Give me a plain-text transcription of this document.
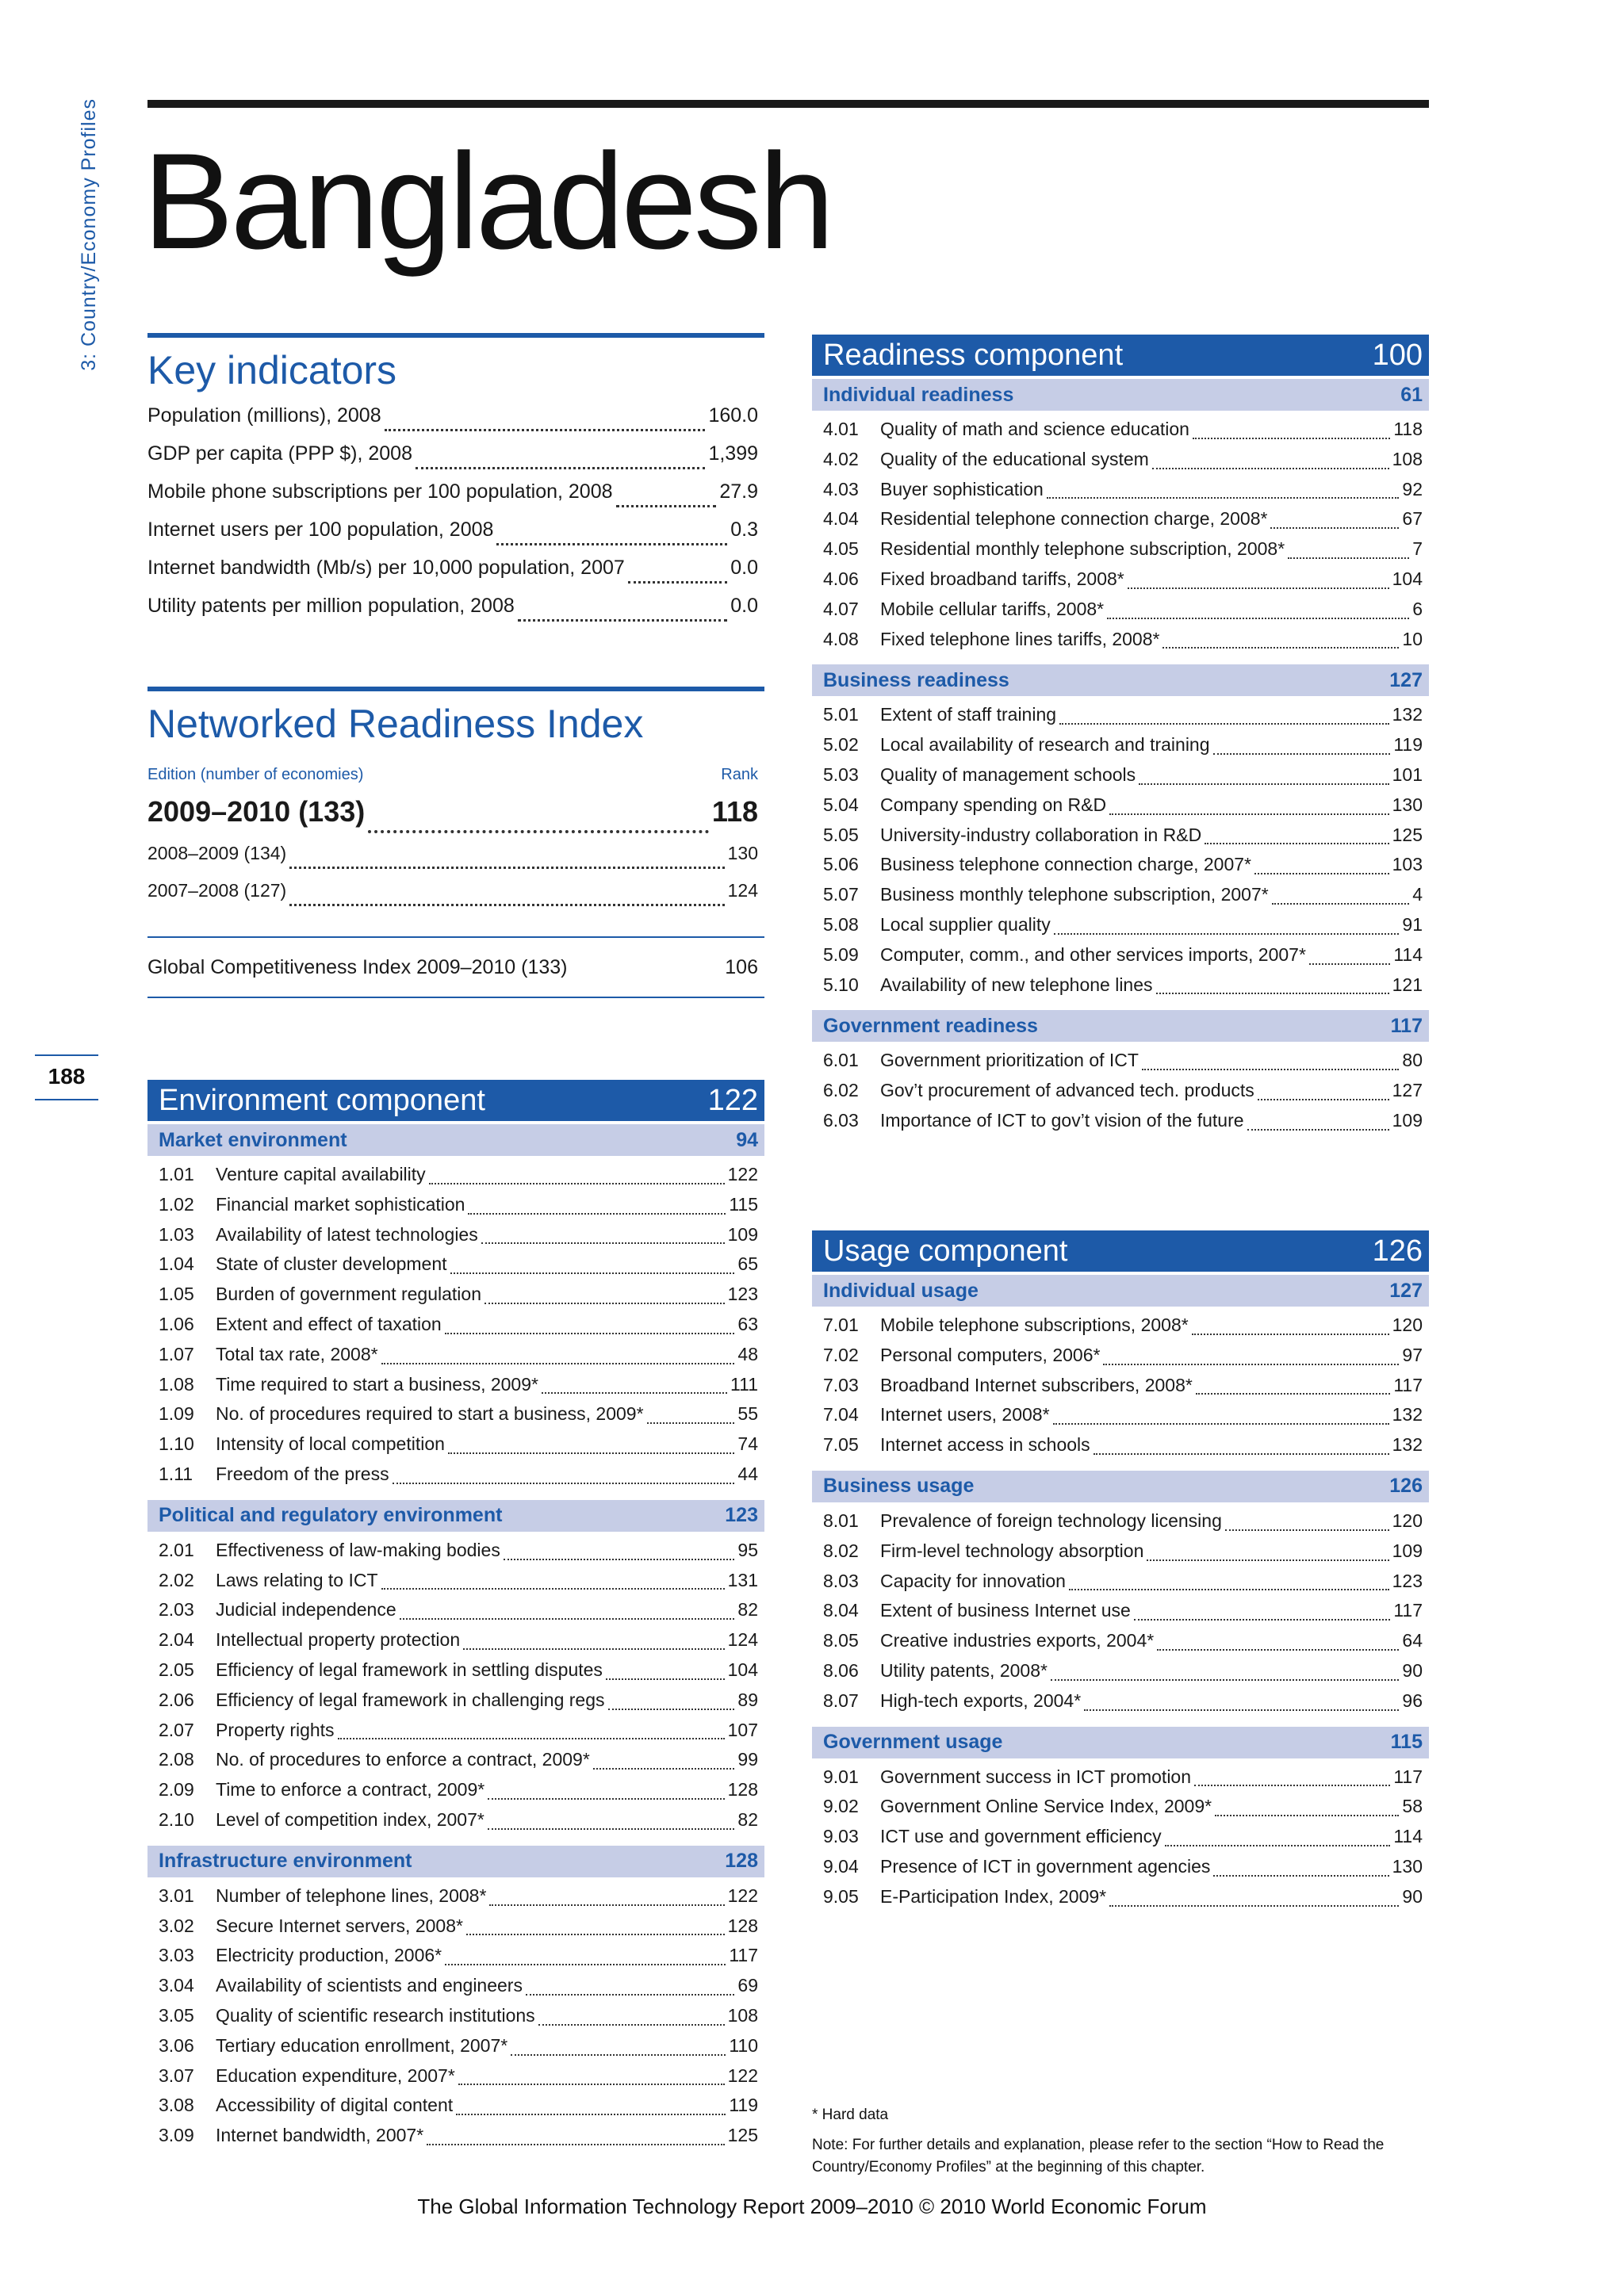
3: Country/Economy Profiles Bangladesh
188
Key indicators
Population (millions), 2008	160.0
GDP per capita (PPP $), 2008	1,399
Mobile phone subscriptions per 100 population, 2008	27.9
Internet users per 100 population, 2008	0.3
Internet bandwidth (Mb/s) per 10,000 population, 2007	0.0
Utility patents per million population, 2008	0.0
Networked Readiness Index
Edition (number of economies)	Rank
2009–2010 (133)	118
2008–2009 (134)	130
2007–2008 (127)	124
Global Competitiveness Index 2009–2010 (133)	106
Environment component	122
Market environment	94
1.01	Venture capital availability	122
1.02	Financial market sophistication	115
1.03	Availability of latest technologies	109
1.04	State of cluster development	65
1.05	Burden of government regulation	123
1.06	Extent and effect of taxation	63
1.07	Total tax rate, 2008*	48
1.08	Time required to start a business, 2009*	111
1.09	No. of procedures required to start a business, 2009*	55
1.10	Intensity of local competition	74
1.11	Freedom of the press	44
Political and regulatory environment	123
2.01	Effectiveness of law-making bodies	95
2.02	Laws relating to ICT	131
2.03	Judicial independence	82
2.04	Intellectual property protection	124
2.05	Efficiency of legal framework in settling disputes	104
2.06	Efficiency of legal framework in challenging regs	89
2.07	Property rights	107
2.08	No. of procedures to enforce a contract, 2009*	99
2.09	Time to enforce a contract, 2009*	128
2.10	Level of competition index, 2007*	82
Infrastructure environment	128
3.01	Number of telephone lines, 2008*	122
3.02	Secure Internet servers, 2008*	128
3.03	Electricity production, 2006*	117
3.04	Availability of scientists and engineers	69
3.05	Quality of scientific research institutions	108
3.06	Tertiary education enrollment, 2007*	110
3.07	Education expenditure, 2007*	122
3.08	Accessibility of digital content	119
3.09	Internet bandwidth, 2007*	125
Readiness component	100
Individual readiness	61
4.01	Quality of math and science education	118
4.02	Quality of the educational system	108
4.03	Buyer sophistication	92
4.04	Residential telephone connection charge, 2008*	67
4.05	Residential monthly telephone subscription, 2008*	7
4.06	Fixed broadband tariffs, 2008*	104
4.07	Mobile cellular tariffs, 2008*	6
4.08	Fixed telephone lines tariffs, 2008*	10
Business readiness	127
5.01	Extent of staff training	132
5.02	Local availability of research and training	119
5.03	Quality of management schools	101
5.04	Company spending on R&D	130
5.05	University-industry collaboration in R&D	125
5.06	Business telephone connection charge, 2007*	103
5.07	Business monthly telephone subscription, 2007*	4
5.08	Local supplier quality	91
5.09	Computer, comm., and other services imports, 2007*	114
5.10	Availability of new telephone lines	121
Government readiness	117
6.01	Government prioritization of ICT	80
6.02	Gov’t procurement of advanced tech. products	127
6.03	Importance of ICT to gov’t vision of the future	109
Usage component	126
Individual usage	127
7.01	Mobile telephone subscriptions, 2008*	120
7.02	Personal computers, 2006*	97
7.03	Broadband Internet subscribers, 2008*	117
7.04	Internet users, 2008*	132
7.05	Internet access in schools	132
Business usage	126
8.01	Prevalence of foreign technology licensing	120
8.02	Firm-level technology absorption	109
8.03	Capacity for innovation	123
8.04	Extent of business Internet use	117
8.05	Creative industries exports, 2004*	64
8.06	Utility patents, 2008*	90
8.07	High-tech exports, 2004*	96
Government usage	115
9.01	Government success in ICT promotion	117
9.02	Government Online Service Index, 2009*	58
9.03	ICT use and government efficiency	114
9.04	Presence of ICT in government agencies	130
9.05	E-Participation Index, 2009*	90
* Hard data
Note: For further details and explanation, please refer to the section “How to Read the Country/Economy Profiles” at the beginning of this chapter.
The Global Information Technology Report 2009–2010 © 2010 World Economic Forum
